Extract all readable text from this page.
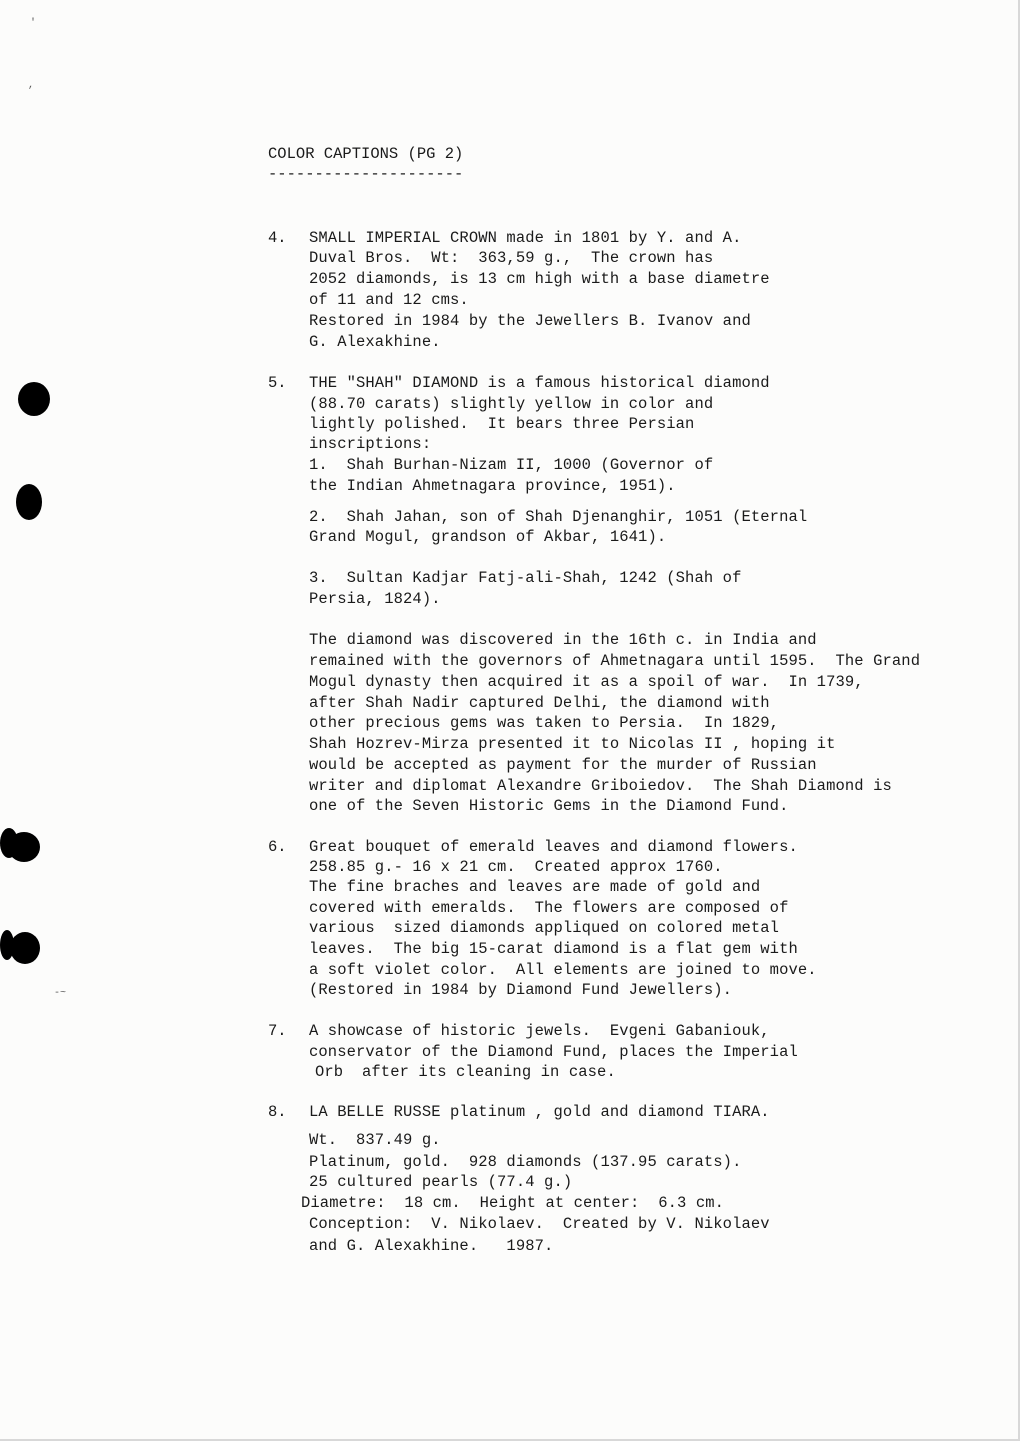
'
,
-~
COLOR CAPTIONS (PG 2)
---------------------
4. SMALL IMPERIAL CROWN made in 1801 by Y. and A.
Duval Bros.  Wt:  363,59 g.,  The crown has
2052 diamonds, is 13 cm high with a base diametre
of 11 and 12 cms.
Restored in 1984 by the Jewellers B. Ivanov and
G. Alexakhine.
5. THE "SHAH" DIAMOND is a famous historical diamond
(88.70 carats) slightly yellow in color and
lightly polished.  It bears three Persian
inscriptions:
1.  Shah Burhan-Nizam II, 1000 (Governor of
the Indian Ahmetnagara province, 1951).
2.  Shah Jahan, son of Shah Djenanghir, 1051 (Eternal
Grand Mogul, grandson of Akbar, 1641).
3.  Sultan Kadjar Fatj-ali-Shah, 1242 (Shah of
Persia, 1824).
The diamond was discovered in the 16th c. in India and
remained with the governors of Ahmetnagara until 1595.  The Grand
Mogul dynasty then acquired it as a spoil of war.  In 1739,
after Shah Nadir captured Delhi, the diamond with
other precious gems was taken to Persia.  In 1829,
Shah Hozrev-Mirza presented it to Nicolas II , hoping it
would be accepted as payment for the murder of Russian
writer and diplomat Alexandre Griboiedov.  The Shah Diamond is
one of the Seven Historic Gems in the Diamond Fund.
6. Great bouquet of emerald leaves and diamond flowers.
258.85 g.- 16 x 21 cm.  Created approx 1760.
The fine braches and leaves are made of gold and
covered with emeralds.  The flowers are composed of
various  sized diamonds appliqued on colored metal
leaves.  The big 15-carat diamond is a flat gem with
a soft violet color.  All elements are joined to move.
(Restored in 1984 by Diamond Fund Jewellers).
7. A showcase of historic jewels.  Evgeni Gabaniouk,
conservator of the Diamond Fund, places the Imperial
Orb  after its cleaning in case.
8. LA BELLE RUSSE platinum , gold and diamond TIARA.
Wt.  837.49 g.
Platinum, gold.  928 diamonds (137.95 carats).
25 cultured pearls (77.4 g.)
Diametre:  18 cm.  Height at center:  6.3 cm.
Conception:  V. Nikolaev.  Created by V. Nikolaev
and G. Alexakhine.   1987.
